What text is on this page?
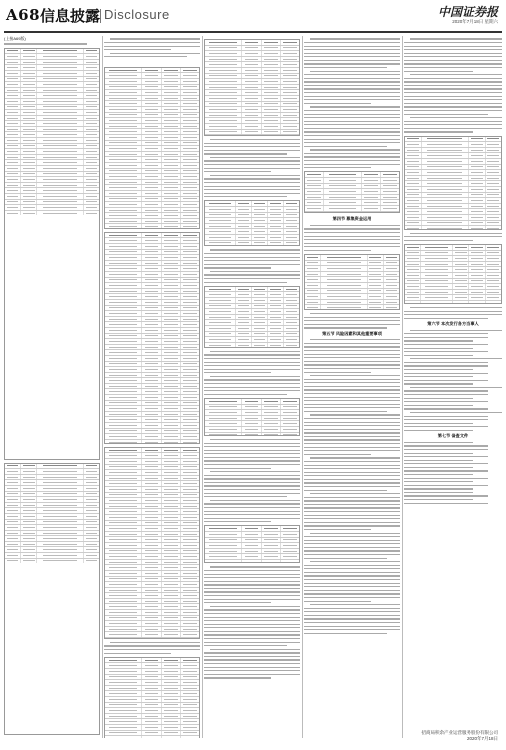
A68 信息披露 Disclosure	中国证券报
2020年7月18日 星期六
(上接A69版)

第四节 募集资金运用
第五节 风险因素和其他重要事项
第六节 本次发行各方当事人
第七节 备查文件
招商局积余产业运营服务股份有限公司
2020年7月18日
